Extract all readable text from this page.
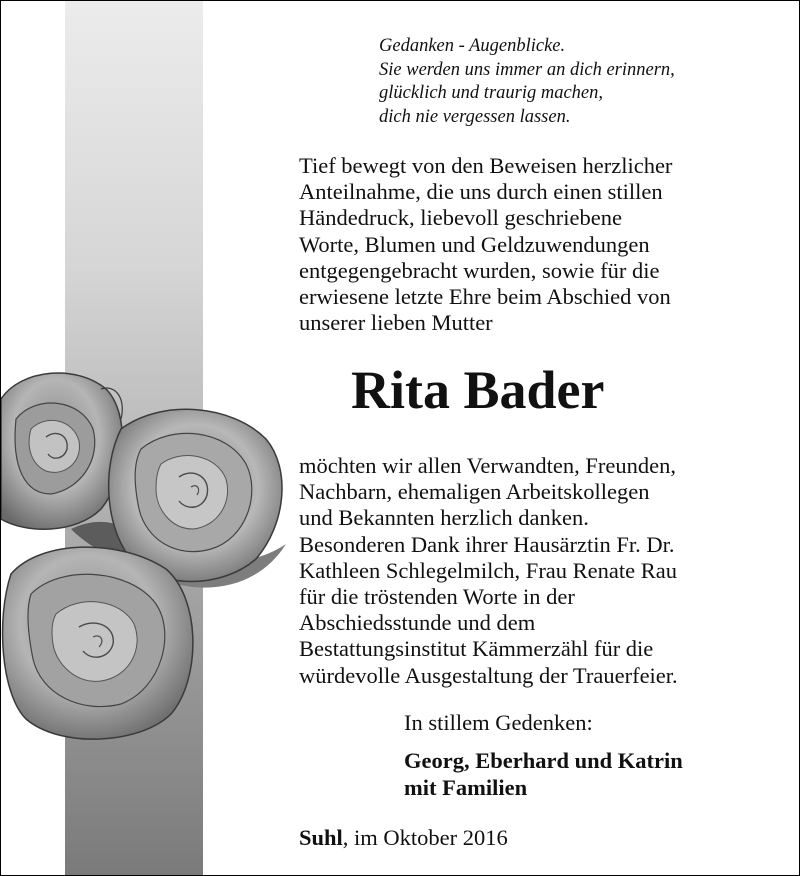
Gedanken - Augenblicke.
Sie werden uns immer an dich erinnern,
glücklich und traurig machen,
dich nie vergessen lassen.
Tief bewegt von den Beweisen herzlicher
Anteilnahme, die uns durch einen stillen
Händedruck, liebevoll geschriebene
Worte, Blumen und Geldzuwendungen
entgegengebracht wurden, sowie für die
erwiesene letzte Ehre beim Abschied von
unserer lieben Mutter
Rita Bader
möchten wir allen Verwandten, Freunden,
Nachbarn, ehemaligen Arbeitskollegen
und Bekannten herzlich danken.
Besonderen Dank ihrer Hausärztin Fr. Dr.
Kathleen Schlegelmilch, Frau Renate Rau
für die tröstenden Worte in der
Abschiedsstunde und dem
Bestattungsinstitut Kämmerzähl für die
würdevolle Ausgestaltung der Trauerfeier.
In stillem Gedenken:
Georg, Eberhard und Katrin
mit Familien
Suhl, im Oktober 2016
